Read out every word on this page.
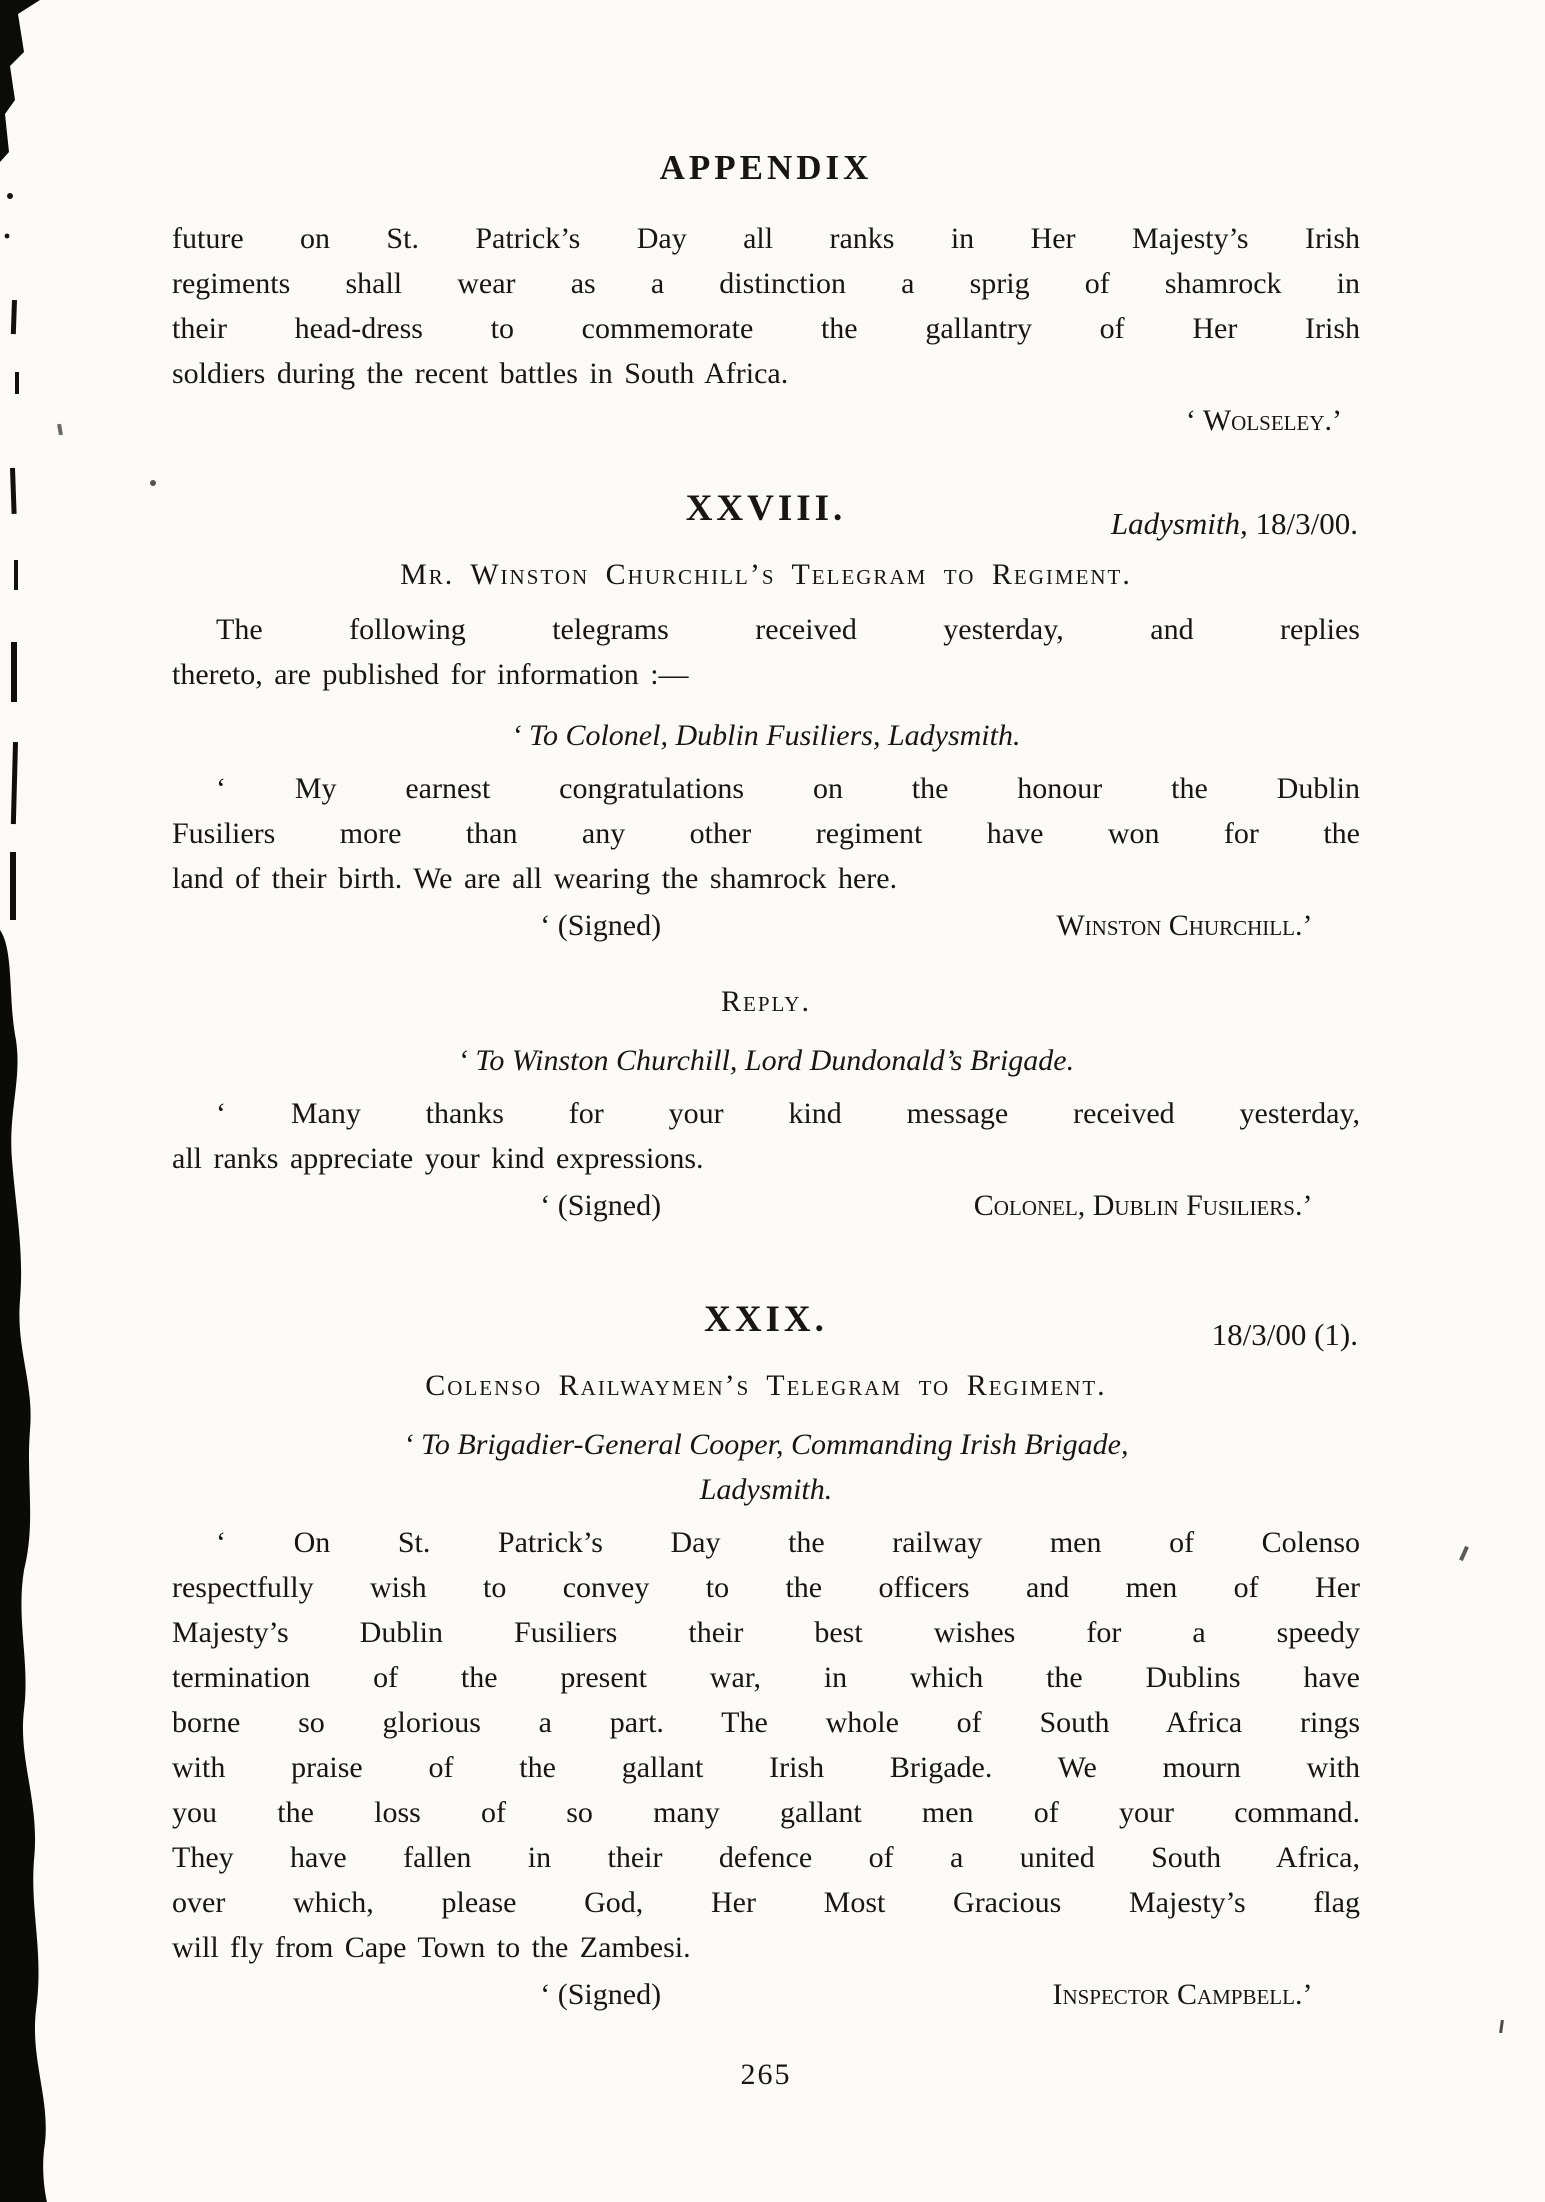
APPENDIX
future on St. Patrick’s Day all ranks in Her Majesty’s Irish
regiments shall wear as a distinction a sprig of shamrock in
their head-dress to commemorate the gallantry of Her Irish
soldiers during the recent battles in South Africa.
‘ Wolseley.’
XXVIII.	Ladysmith, 18/3/00.
Mr. Winston Churchill’s Telegram to Regiment.
The following telegrams received yesterday, and replies
thereto, are published for information :—
‘ To Colonel, Dublin Fusiliers, Ladysmith.
‘ My earnest congratulations on the honour the Dublin
Fusiliers more than any other regiment have won for the
land of their birth. We are all wearing the shamrock here.
‘ (Signed)	Winston Churchill.’
Reply.
‘ To Winston Churchill, Lord Dundonald’s Brigade.
‘ Many thanks for your kind message received yesterday,
all ranks appreciate your kind expressions.
‘ (Signed)	Colonel, Dublin Fusiliers.’
XXIX.	18/3/00 (1).
Colenso Railwaymen’s Telegram to Regiment.
‘ To Brigadier-General Cooper, Commanding Irish Brigade,
Ladysmith.
‘ On St. Patrick’s Day the railway men of Colenso
respectfully wish to convey to the officers and men of Her
Majesty’s Dublin Fusiliers their best wishes for a speedy
termination of the present war, in which the Dublins have
borne so glorious a part. The whole of South Africa rings
with praise of the gallant Irish Brigade. We mourn with
you the loss of so many gallant men of your command.
They have fallen in their defence of a united South Africa,
over which, please God, Her Most Gracious Majesty’s flag
will fly from Cape Town to the Zambesi.
‘ (Signed)	Inspector Campbell.’
265
